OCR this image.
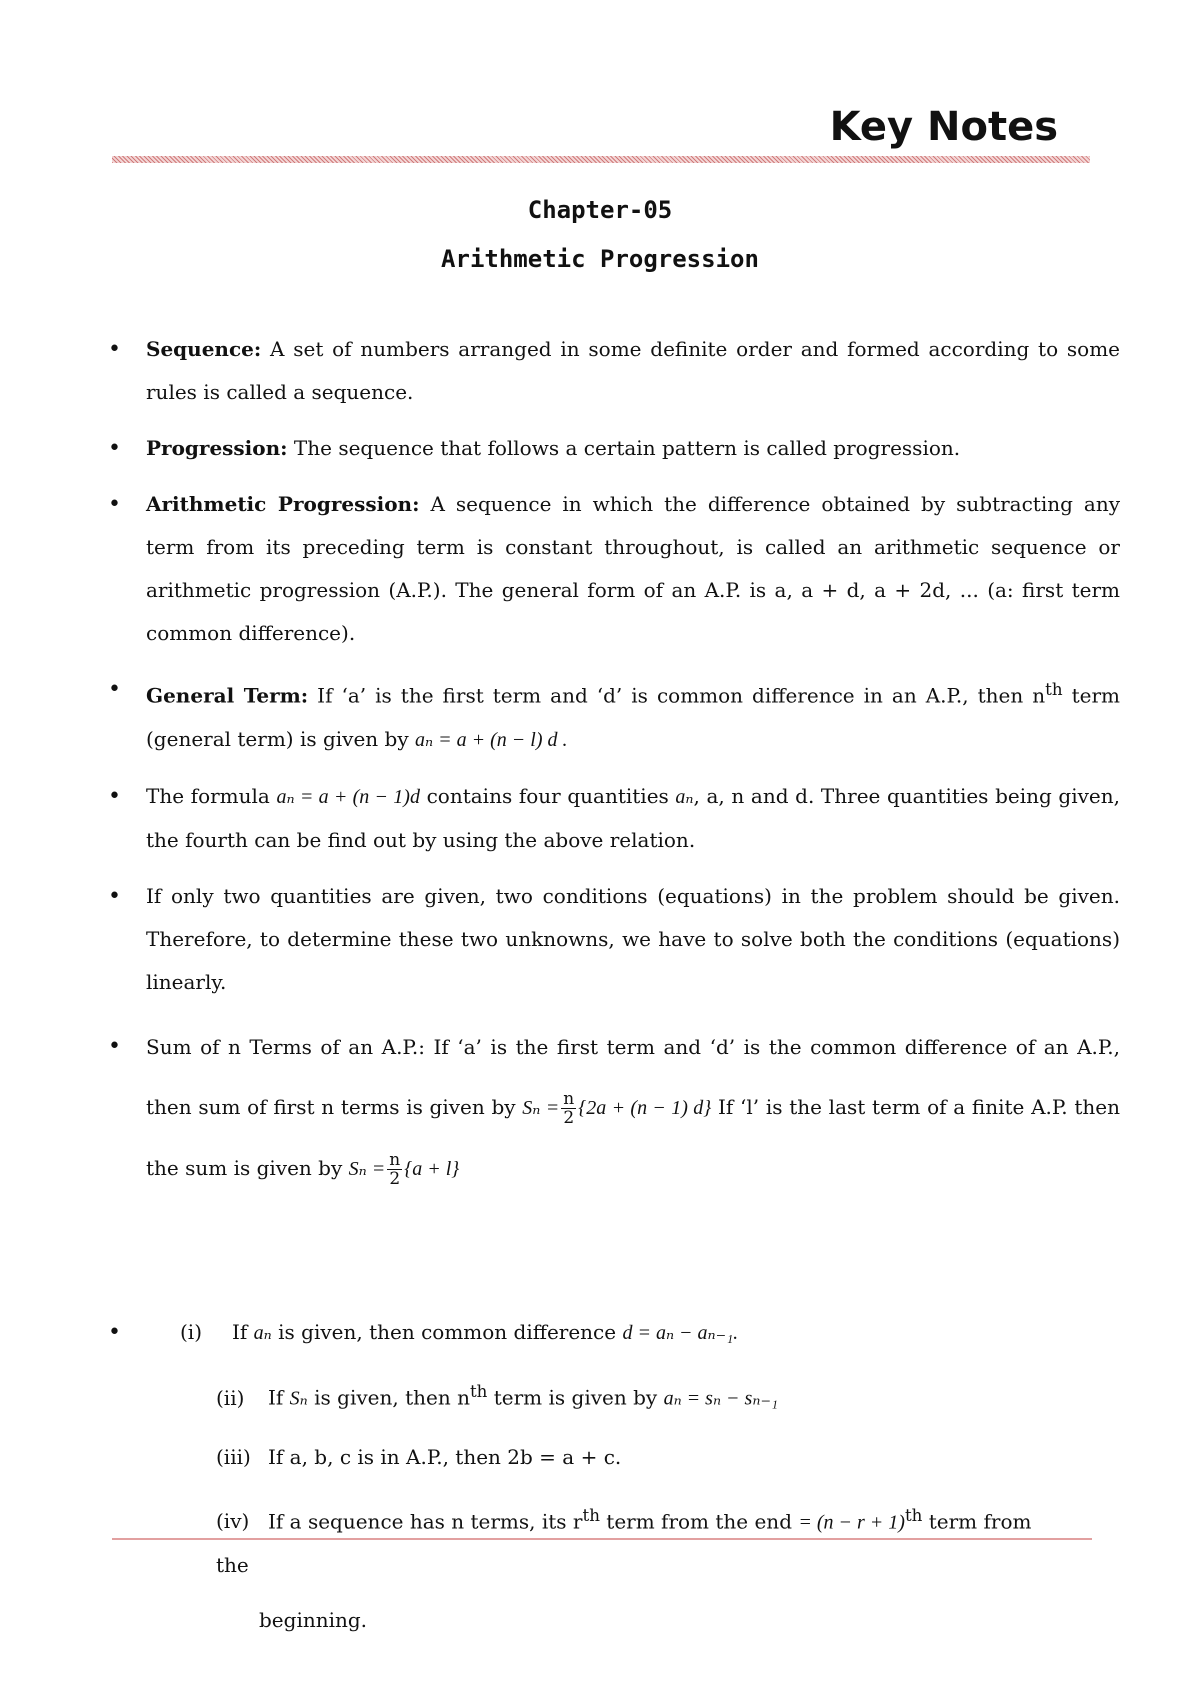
Key Notes
Chapter-05
Arithmetic Progression
• Sequence: A set of numbers arranged in some definite order and formed according to some rules is called a sequence.
• Progression: The sequence that follows a certain pattern is called progression.
• Arithmetic Progression: A sequence in which the difference obtained by subtracting any term from its preceding term is constant throughout, is called an arithmetic sequence or arithmetic progression (A.P.). The general form of an A.P. is a, a + d, a + 2d, ... (a: first term common difference).
• General Term: If ‘a’ is the first term and ‘d’ is common difference in an A.P., then $n^{th}$ term (general term) is given by aₙ = a + (n − l) d .
• The formula aₙ = a + (n − 1)d contains four quantities aₙ, a, n and d. Three quantities being given, the fourth can be find out by using the above relation.
• If only two quantities are given, two conditions (equations) in the problem should be given. Therefore, to determine these two unknowns, we have to solve both the conditions (equations) linearly.
• Sum of n Terms of an A.P.: If ‘a’ is the first term and ‘d’ is the common difference of an A.P., then sum of first n terms is given by $S_n = \frac{n}{2} \{2a + (n - 1)$ d} If ‘l’ is the last term of a finite A.P. then the sum is given by $S_n = \frac{n}{2} \{a + l\}$
•	(i) If aₙ is given, then common difference d = aₙ − aₙ₋₁.
(ii) If Sₙ is given, then $n^{th}$ term is given by aₙ = sₙ − sₙ₋₁
(iii) If a, b, c is in A.P., then 2b = a + c.
(iv) If a sequence has n terms, its $r^{th}$ term from the end = $(n - r + 1)^{th}$ term from the
beginning.
